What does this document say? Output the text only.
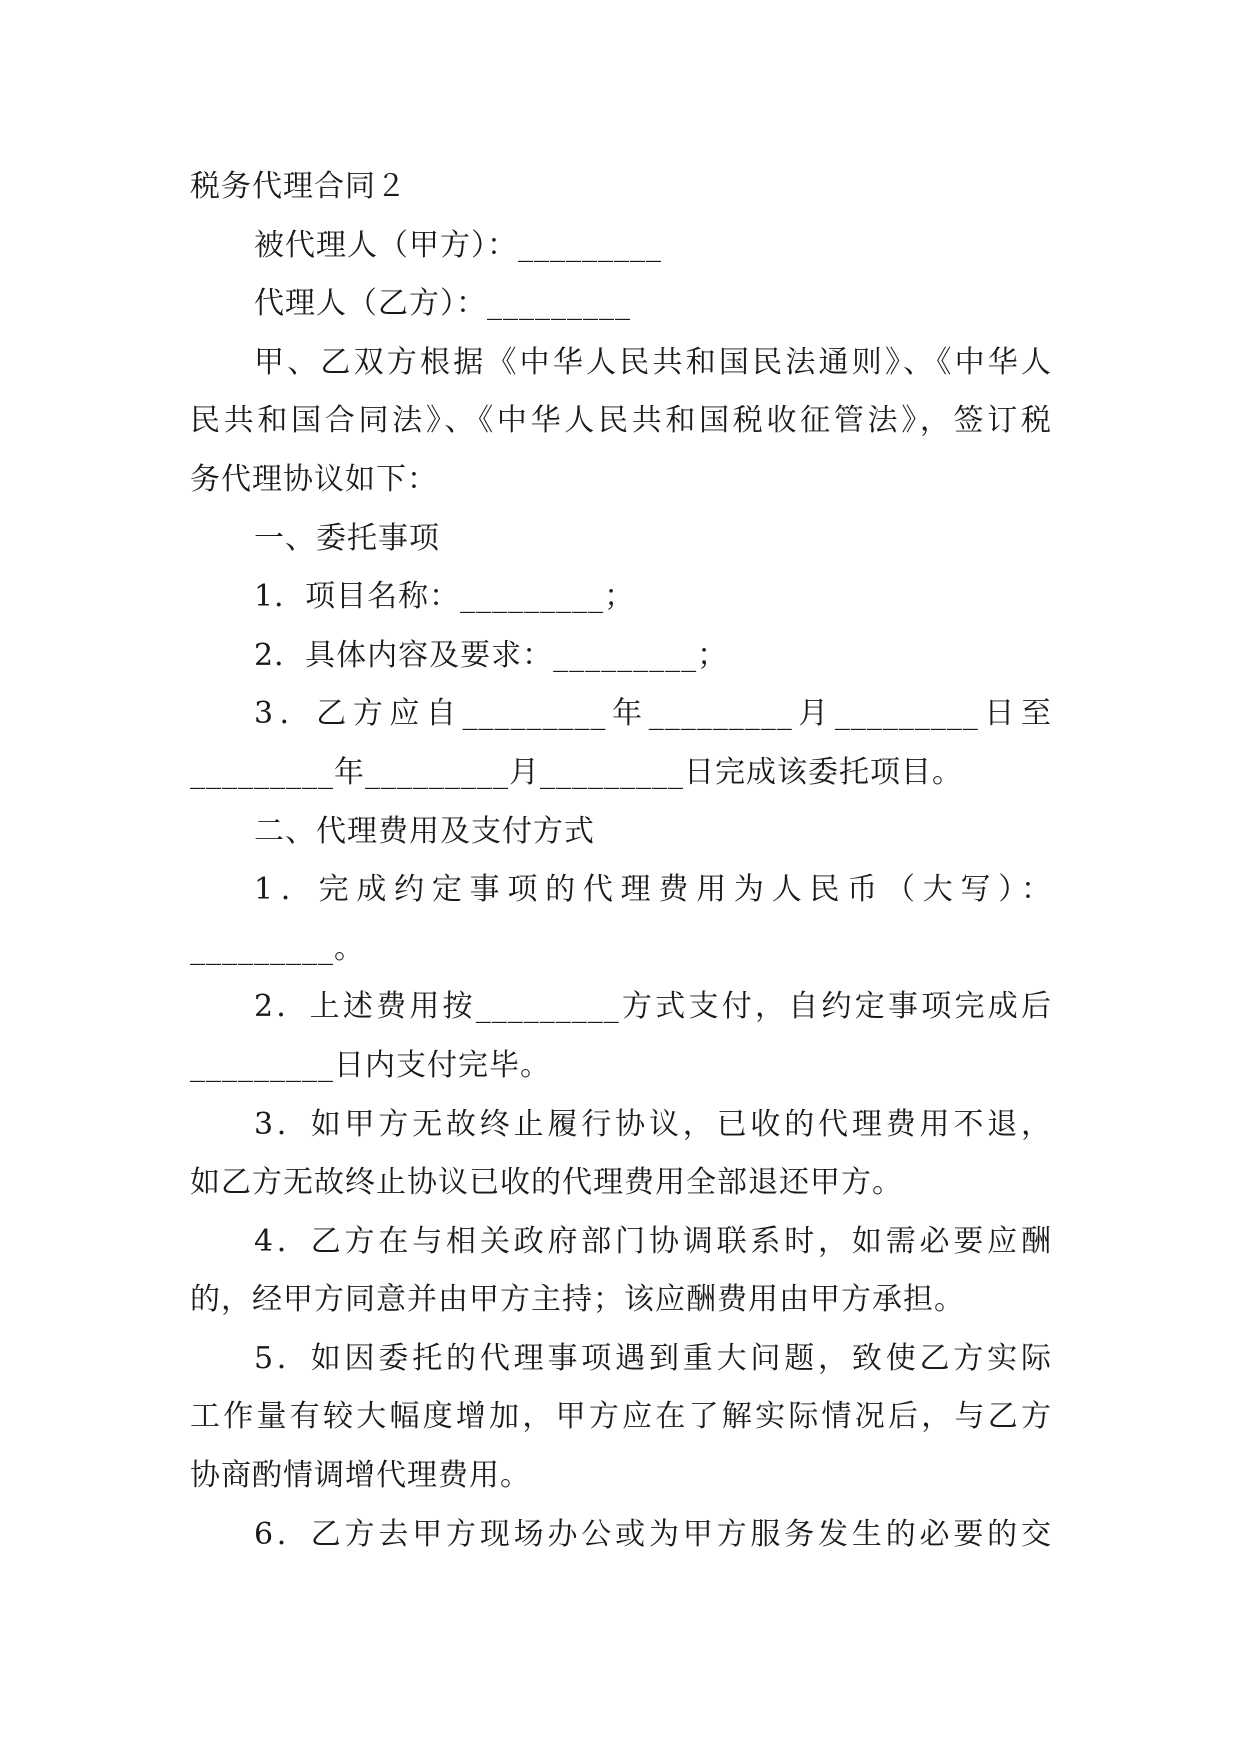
税务代理合同２
被代理人（甲方）：_________
代理人（乙方）：_________
甲、乙双方根据《中华人民共和国民法通则》、《中华人
民共和国合同法》、《中华人民共和国税收征管法》，签订税
务代理协议如下：
一、委托事项
1．项目名称：_________；
2．具体内容及要求：_________；
3．乙方应自_________年_________月_________日至
_________年_________月_________日完成该委托项目。
二、代理费用及支付方式
1．完成约定事项的代理费用为人民币（大写）：
_________。
2．上述费用按_________方式支付，自约定事项完成后
_________日内支付完毕。
3．如甲方无故终止履行协议，已收的代理费用不退，
如乙方无故终止协议已收的代理费用全部退还甲方。
4．乙方在与相关政府部门协调联系时，如需必要应酬
的，经甲方同意并由甲方主持；该应酬费用由甲方承担。
5．如因委托的代理事项遇到重大问题，致使乙方实际
工作量有较大幅度增加，甲方应在了解实际情况后，与乙方
协商酌情调增代理费用。
6．乙方去甲方现场办公或为甲方服务发生的必要的交
